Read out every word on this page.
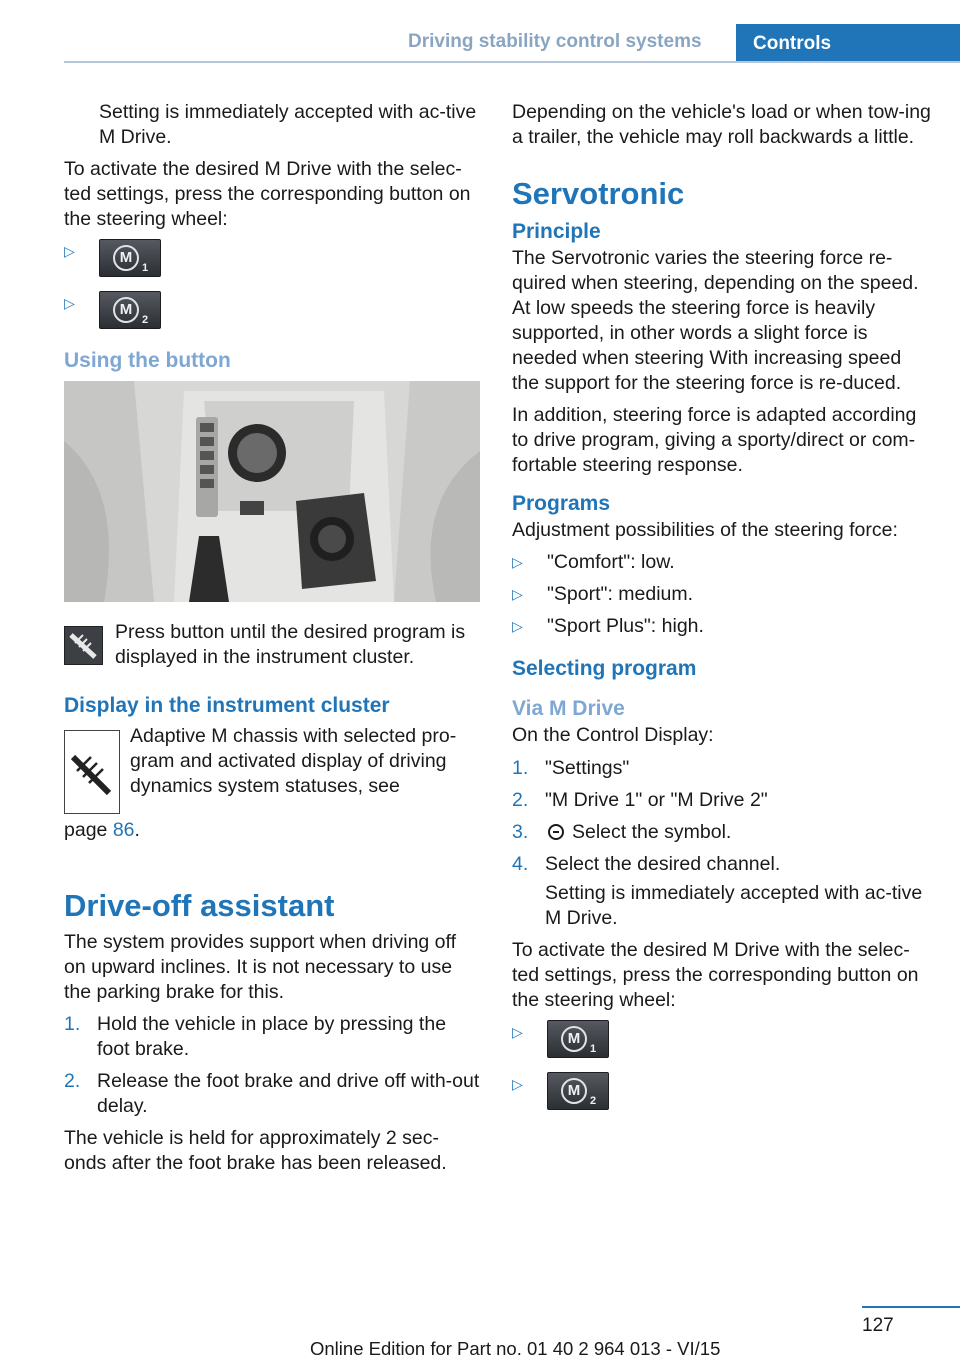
Driving stability control systems	Controls

Setting is immediately accepted with ac-tive M Drive.

To activate the desired M Drive with the selec-ted settings, press the corresponding button on the steering wheel:

▷	M
1
▷	M
2
Using the button

Press button until the desired program is displayed in the instrument cluster.

Display in the instrument cluster

Adaptive M chassis with selected pro-gram and activated display of driving dynamics system statuses, see

page 86.

Drive-off assistant

The system provides support when driving off on upward inclines. It is not necessary to use the parking brake for this.

1. Hold the vehicle in place by pressing the foot brake.
2. Release the foot brake and drive off with-out delay.

The vehicle is held for approximately 2 sec-onds after the foot brake has been released.

Depending on the vehicle's load or when tow-ing a trailer, the vehicle may roll backwards a little.

Servotronic
Principle

The Servotronic varies the steering force re-quired when steering, depending on the speed. At low speeds the steering force is heavily supported, in other words a slight force is needed when steering With increasing speed the support for the steering force is re-duced.

In addition, steering force is adapted according to drive program, giving a sporty/direct or com-fortable steering response.

Programs

Adjustment possibilities of the steering force:

▷	"Comfort": low.
▷	"Sport": medium.
▷	"Sport Plus": high.
Selecting program
Via M Drive

On the Control Display:

1. "Settings"
2. "M Drive 1" or "M Drive 2"
3.	Select the symbol.
4. Select the desired channel.

Setting is immediately accepted with ac-tive M Drive.

To activate the desired M Drive with the selec-ted settings, press the corresponding button on the steering wheel:

▷	M
1
▷	M
2
127
Online Edition for Part no. 01 40 2 964 013 - VI/15
